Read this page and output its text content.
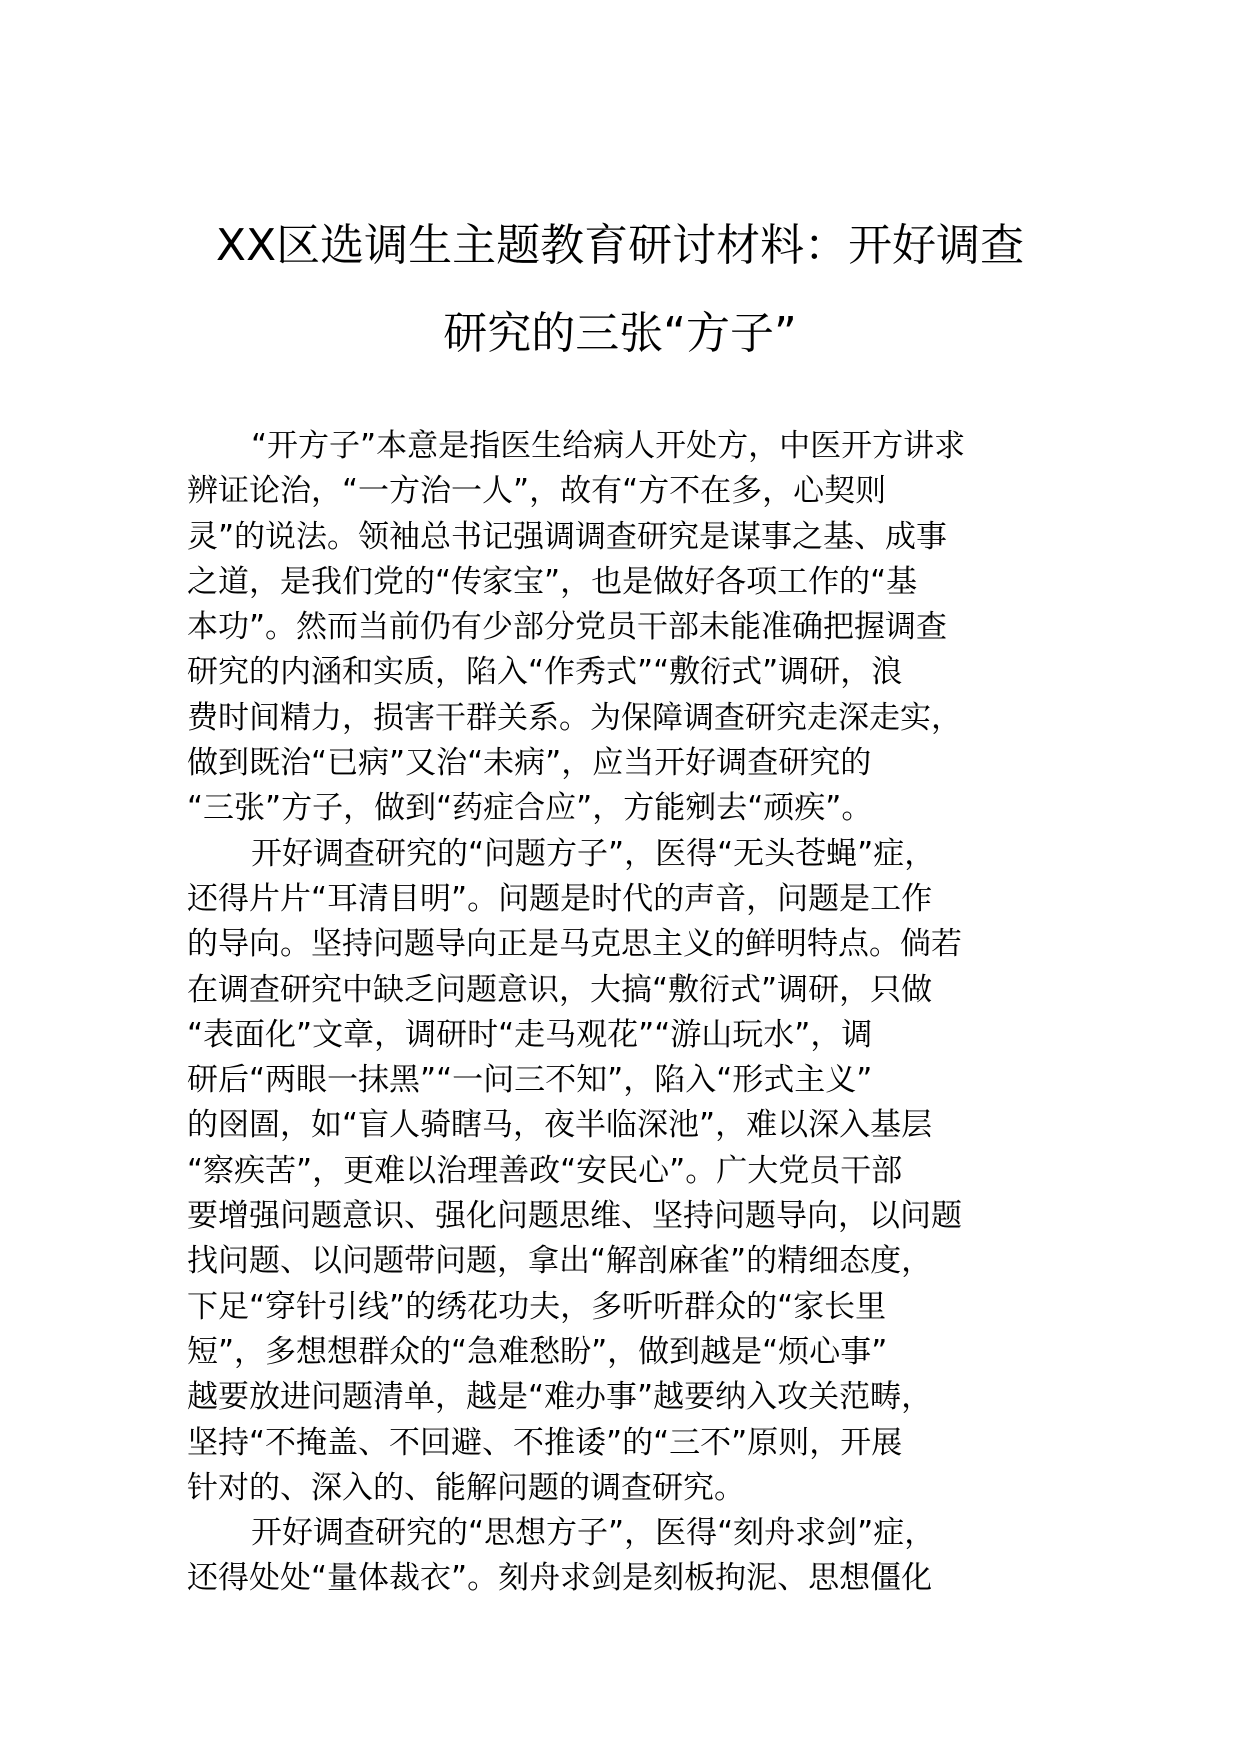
XX区选调生主题教育研讨材料：开好调查
研究的三张“方子”
“开方子”本意是指医生给病人开处方，中医开方讲求
辨证论治，“一方治一人”，故有“方不在多，心契则
灵”的说法。领袖总书记强调调查研究是谋事之基、成事
之道，是我们党的“传家宝”，也是做好各项工作的“基
本功”。然而当前仍有少部分党员干部未能准确把握调查
研究的内涵和实质，陷入“作秀式”“敷衍式”调研，浪
费时间精力，损害干群关系。为保障调查研究走深走实，
做到既治“已病”又治“未病”，应当开好调查研究的
“三张”方子，做到“药症合应”，方能剜去“顽疾”。
开好调查研究的“问题方子”，医得“无头苍蝇”症，
还得片片“耳清目明”。问题是时代的声音，问题是工作
的导向。坚持问题导向正是马克思主义的鲜明特点。倘若
在调查研究中缺乏问题意识，大搞“敷衍式”调研，只做
“表面化”文章，调研时“走马观花”“游山玩水”，调
研后“两眼一抹黑”“一问三不知”，陷入“形式主义”
的囹圄，如“盲人骑瞎马，夜半临深池”，难以深入基层
“察疾苦”，更难以治理善政“安民心”。广大党员干部
要增强问题意识、强化问题思维、坚持问题导向，以问题
找问题、以问题带问题，拿出“解剖麻雀”的精细态度，
下足“穿针引线”的绣花功夫，多听听群众的“家长里
短”，多想想群众的“急难愁盼”，做到越是“烦心事”
越要放进问题清单，越是“难办事”越要纳入攻关范畴，
坚持“不掩盖、不回避、不推诿”的“三不”原则，开展
针对的、深入的、能解问题的调查研究。
开好调查研究的“思想方子”，医得“刻舟求剑”症，
还得处处“量体裁衣”。刻舟求剑是刻板拘泥、思想僵化
